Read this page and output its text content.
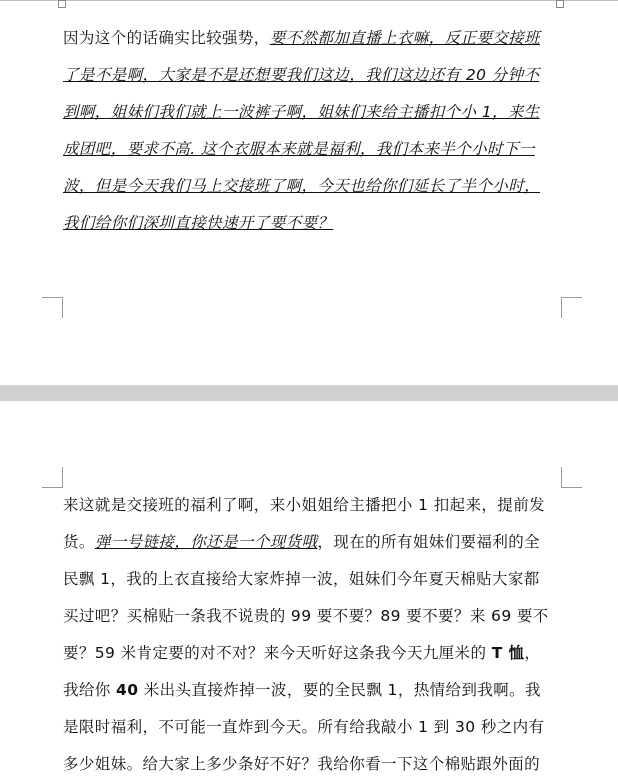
因为这个的话确实比较强势，要不然都加直播上衣嘛，反正要交接班
了是不是啊，大家是不是还想要我们这边，我们这边还有 20 分钟不
到啊，姐妹们我们就上一波裤子啊，姐妹们来给主播扣个小 1，来生
成团吧，要求不高. 这个衣服本来就是福利，我们本来半个小时下一
波，但是今天我们马上交接班了啊，今天也给你们延长了半个小时，
我们给你们深圳直接快速开了要不要？
来这就是交接班的福利了啊，来小姐姐给主播把小 1 扣起来，提前发
货。弹一号链接，你还是一个现货哦，现在的所有姐妹们要福利的全
民飘 1，我的上衣直接给大家炸掉一波，姐妹们今年夏天棉贴大家都
买过吧？买棉贴一条我不说贵的 99 要不要？89 要不要？来 69 要不
要？59 米肯定要的对不对？来今天听好这条我今天九厘米的 T 恤，
我给你 40 米出头直接炸掉一波，要的全民飘 1，热情给到我啊。我
是限时福利，不可能一直炸到今天。所有给我敲小 1 到 30 秒之内有
多少姐妹。给大家上多少条好不好？我给你看一下这个棉贴跟外面的
